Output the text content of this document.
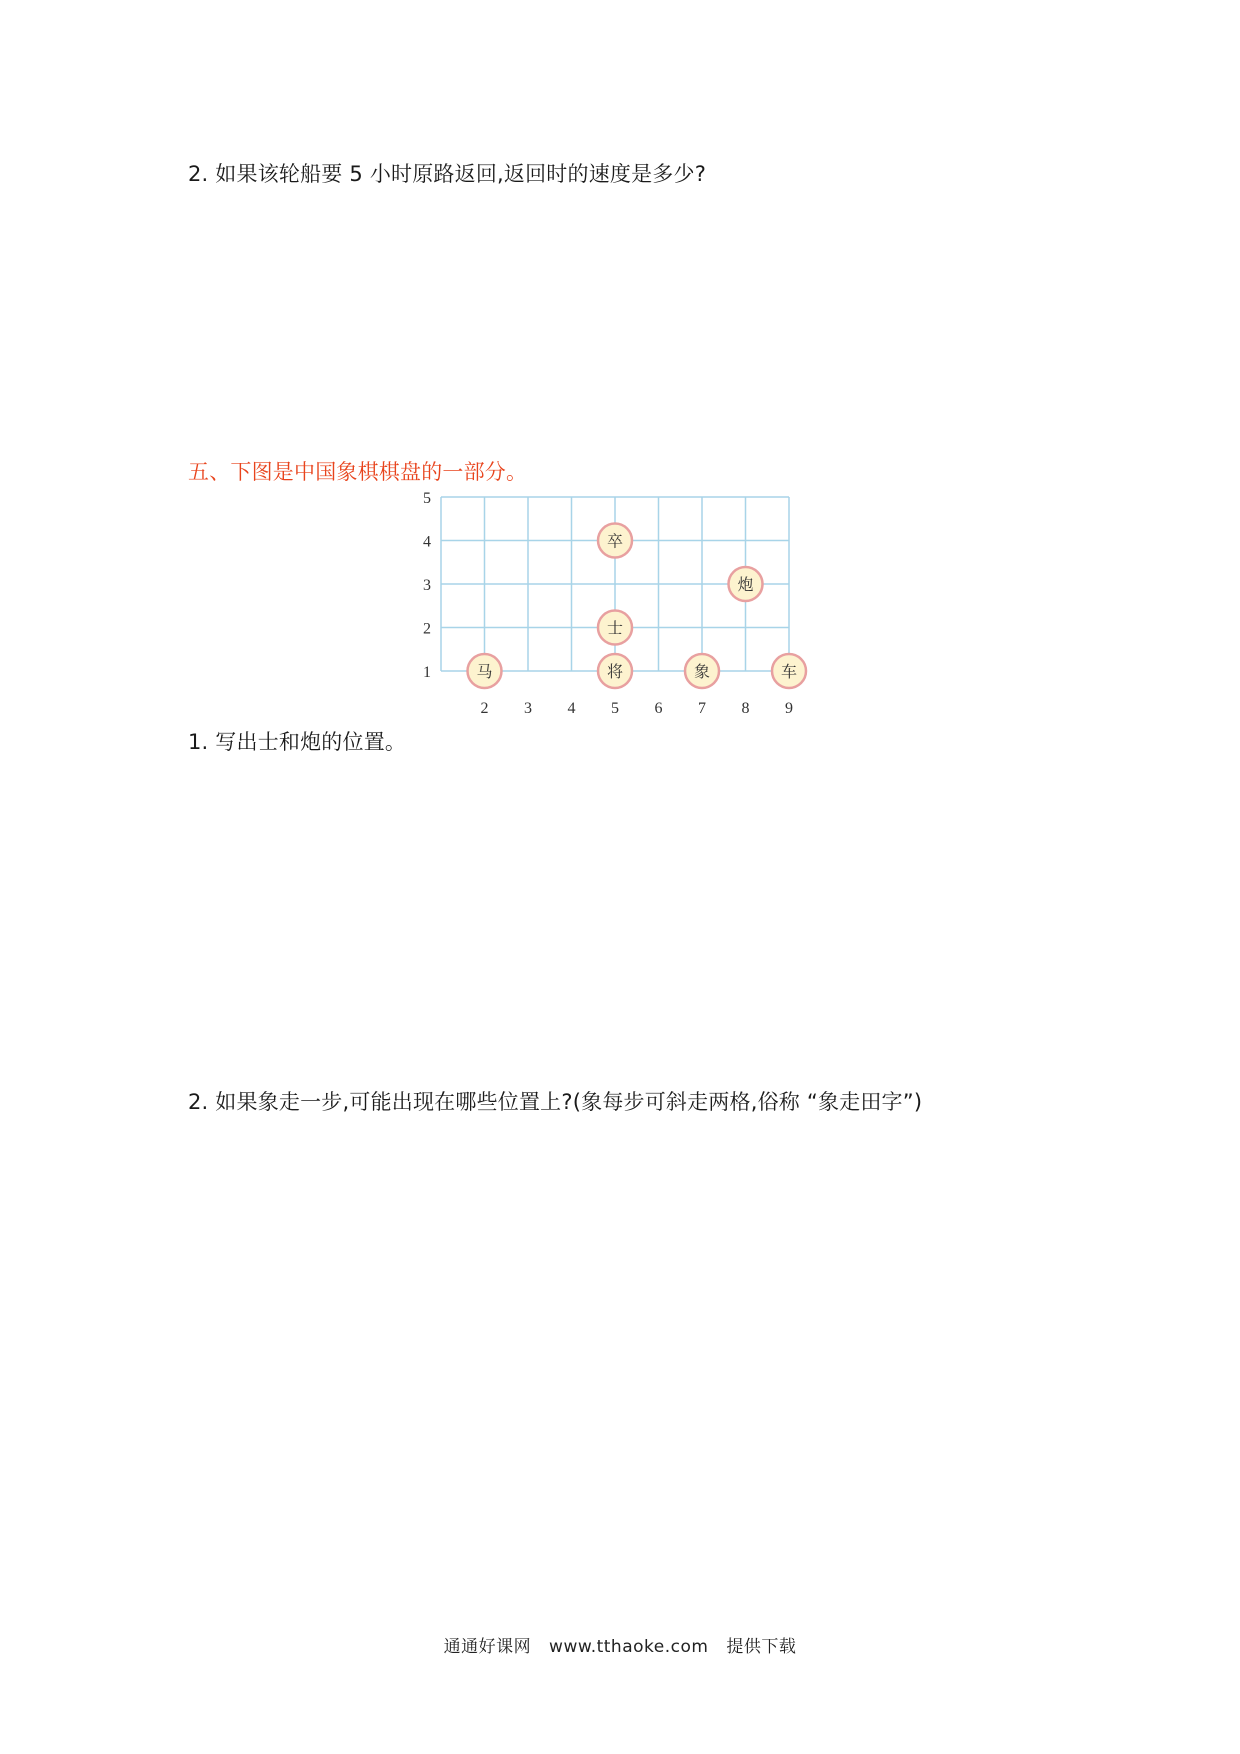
2. 如果该轮船要 5 小时原路返回,返回时的速度是多少?
五、下图是中国象棋棋盘的一部分。
1
2
3
4
5
2 3 4 5 6 7 8 9
马	将
士
卒
炮
象	车
1. 写出士和炮的位置。
2. 如果象走一步,可能出现在哪些位置上?(象每步可斜走两格,俗称 “象走田字”)
通通好课网 www.tthaoke.com 提供下载
